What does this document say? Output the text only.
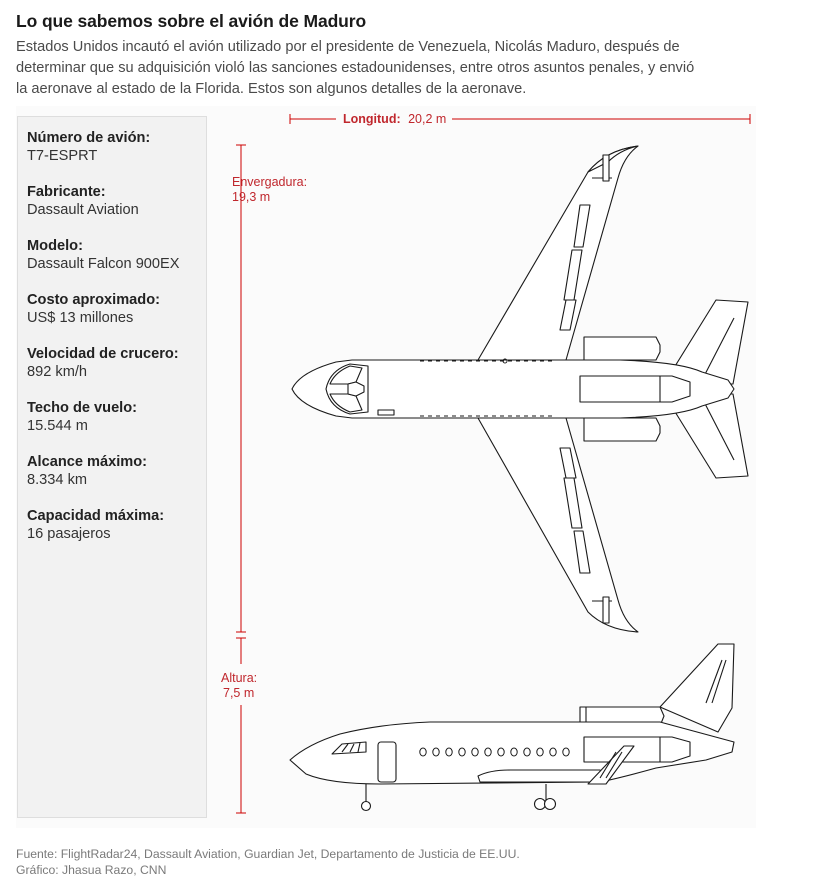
Lo que sabemos sobre el avión de Maduro

Estados Unidos incautó el avión utilizado por el presidente de Venezuela, Nicolás Maduro, después de
determinar que su adquisición violó las sanciones estadounidenses, entre otros asuntos penales, y envió
la aeronave al estado de la Florida. Estos son algunos detalles de la aeronave.

Número de avión:
T7-ESPRT
Fabricante:
Dassault Aviation
Modelo:
Dassault Falcon 900EX
Costo aproximado:
US$ 13 millones
Velocidad de crucero:
892 km/h
Techo de vuelo:
15.544 m
Alcance máximo:
8.334 km
Capacidad máxima:
16 pasajeros
Longitud: 20,2 m
Envergadura:
19,3 m
Altura:
7,5 m

Fuente: FlightRadar24, Dassault Aviation, Guardian Jet, Departamento de Justicia de EE.UU.

Gráfico: Jhasua Razo, CNN
